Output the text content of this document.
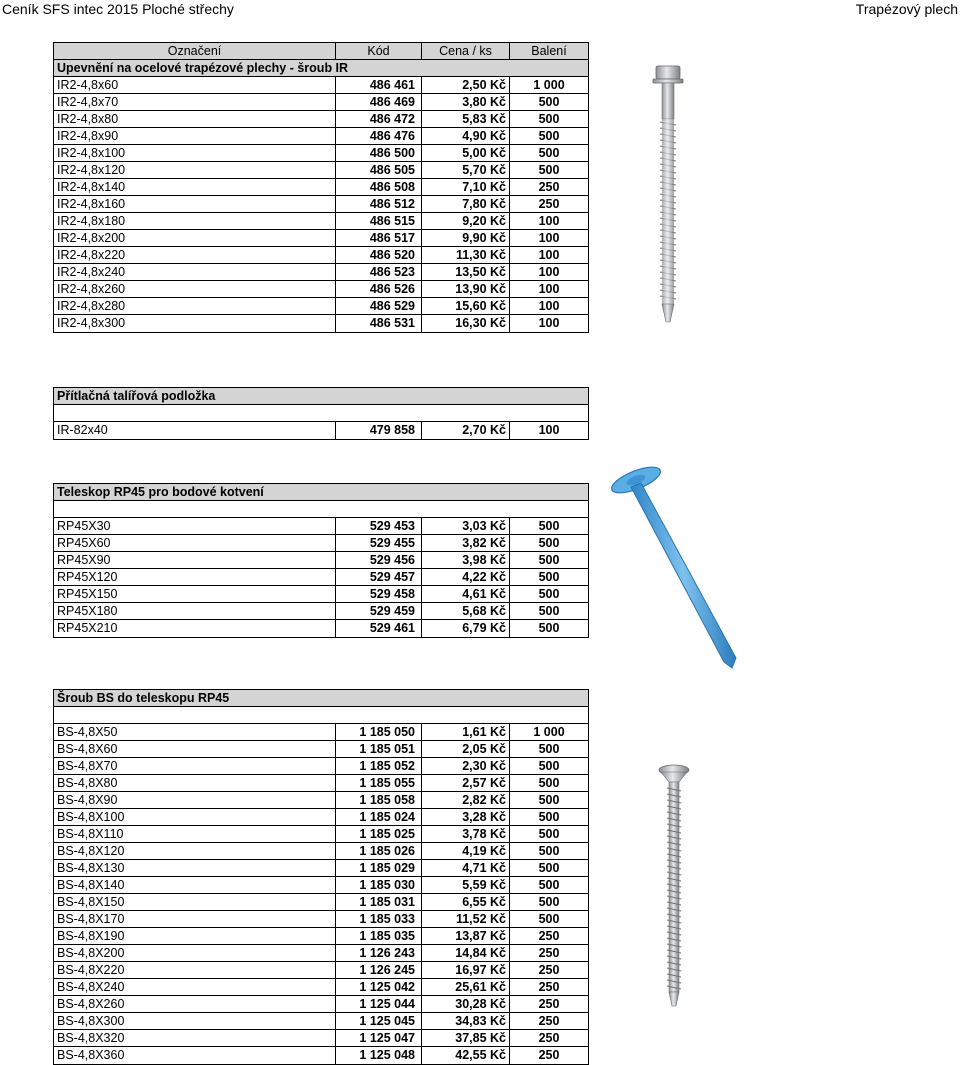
Ceník SFS intec 2015 Ploché střechy	Trapézový plech
Označení	Kód	Cena / ks	Balení
Upevnění na ocelové trapézové plechy - šroub IR
IR2-4,8x60	486 461	2,50 Kč	1 000
IR2-4,8x70	486 469	3,80 Kč	500
IR2-4,8x80	486 472	5,83 Kč	500
IR2-4,8x90	486 476	4,90 Kč	500
IR2-4,8x100	486 500	5,00 Kč	500
IR2-4,8x120	486 505	5,70 Kč	500
IR2-4,8x140	486 508	7,10 Kč	250
IR2-4,8x160	486 512	7,80 Kč	250
IR2-4,8x180	486 515	9,20 Kč	100
IR2-4,8x200	486 517	9,90 Kč	100
IR2-4,8x220	486 520	11,30 Kč	100
IR2-4,8x240	486 523	13,50 Kč	100
IR2-4,8x260	486 526	13,90 Kč	100
IR2-4,8x280	486 529	15,60 Kč	100
IR2-4,8x300	486 531	16,30 Kč	100
Přítlačná talířová podložka
IR-82x40	479 858	2,70 Kč	100
Teleskop RP45 pro bodové kotvení
RP45X30	529 453	3,03 Kč	500
RP45X60	529 455	3,82 Kč	500
RP45X90	529 456	3,98 Kč	500
RP45X120	529 457	4,22 Kč	500
RP45X150	529 458	4,61 Kč	500
RP45X180	529 459	5,68 Kč	500
RP45X210	529 461	6,79 Kč	500
Šroub BS do teleskopu RP45
BS-4,8X50	1 185 050	1,61 Kč	1 000
BS-4,8X60	1 185 051	2,05 Kč	500
BS-4,8X70	1 185 052	2,30 Kč	500
BS-4,8X80	1 185 055	2,57 Kč	500
BS-4,8X90	1 185 058	2,82 Kč	500
BS-4,8X100	1 185 024	3,28 Kč	500
BS-4,8X110	1 185 025	3,78 Kč	500
BS-4,8X120	1 185 026	4,19 Kč	500
BS-4,8X130	1 185 029	4,71 Kč	500
BS-4,8X140	1 185 030	5,59 Kč	500
BS-4,8X150	1 185 031	6,55 Kč	500
BS-4,8X170	1 185 033	11,52 Kč	500
BS-4,8X190	1 185 035	13,87 Kč	250
BS-4,8X200	1 126 243	14,84 Kč	250
BS-4,8X220	1 126 245	16,97 Kč	250
BS-4,8X240	1 125 042	25,61 Kč	250
BS-4,8X260	1 125 044	30,28 Kč	250
BS-4,8X300	1 125 045	34,83 Kč	250
BS-4,8X320	1 125 047	37,85 Kč	250
BS-4,8X360	1 125 048	42,55 Kč	250
